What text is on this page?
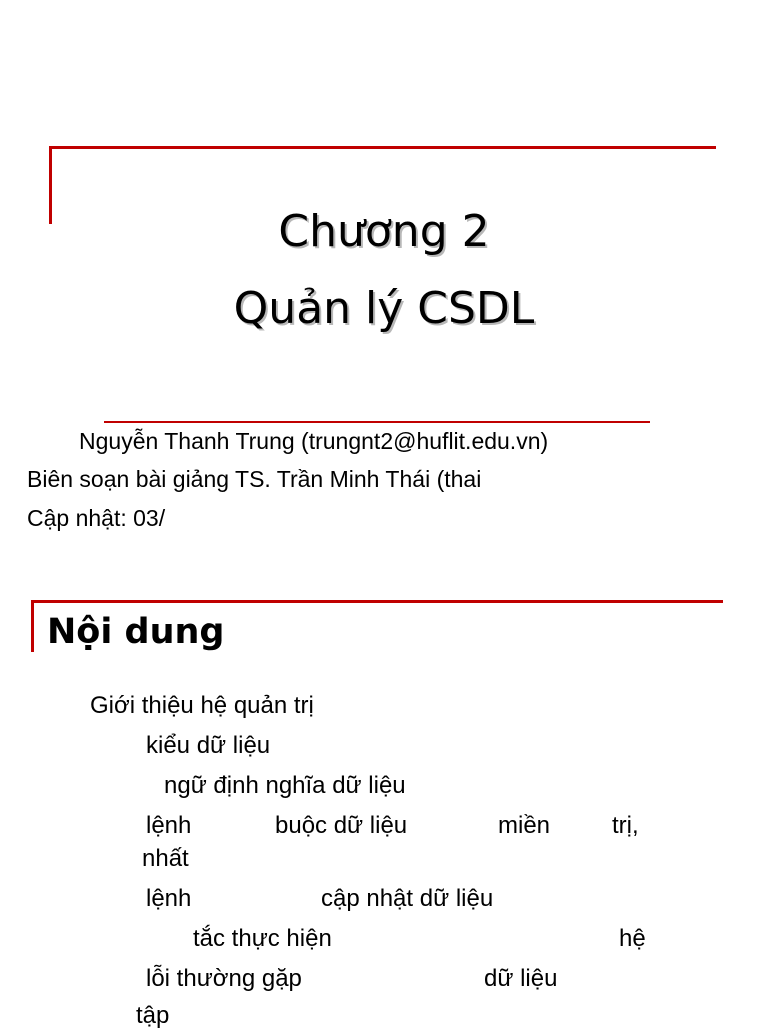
Chương 2
Quản lý CSDL
Nguyễn Thanh Trung (trungnt2@huflit.edu.vn)
Biên soạn bài giảng TS. Trần Minh Thái (thai
Cập nhật: 03/
Nội dung
Giới thiệu hệ quản trị
kiểu dữ liệu
ngữ định nghĩa dữ liệu
lệnh	buộc dữ liệu	miền	trị,
nhất
lệnh	cập nhật dữ liệu
tắc thực hiện	hệ
lỗi thường gặp	dữ liệu
tập
